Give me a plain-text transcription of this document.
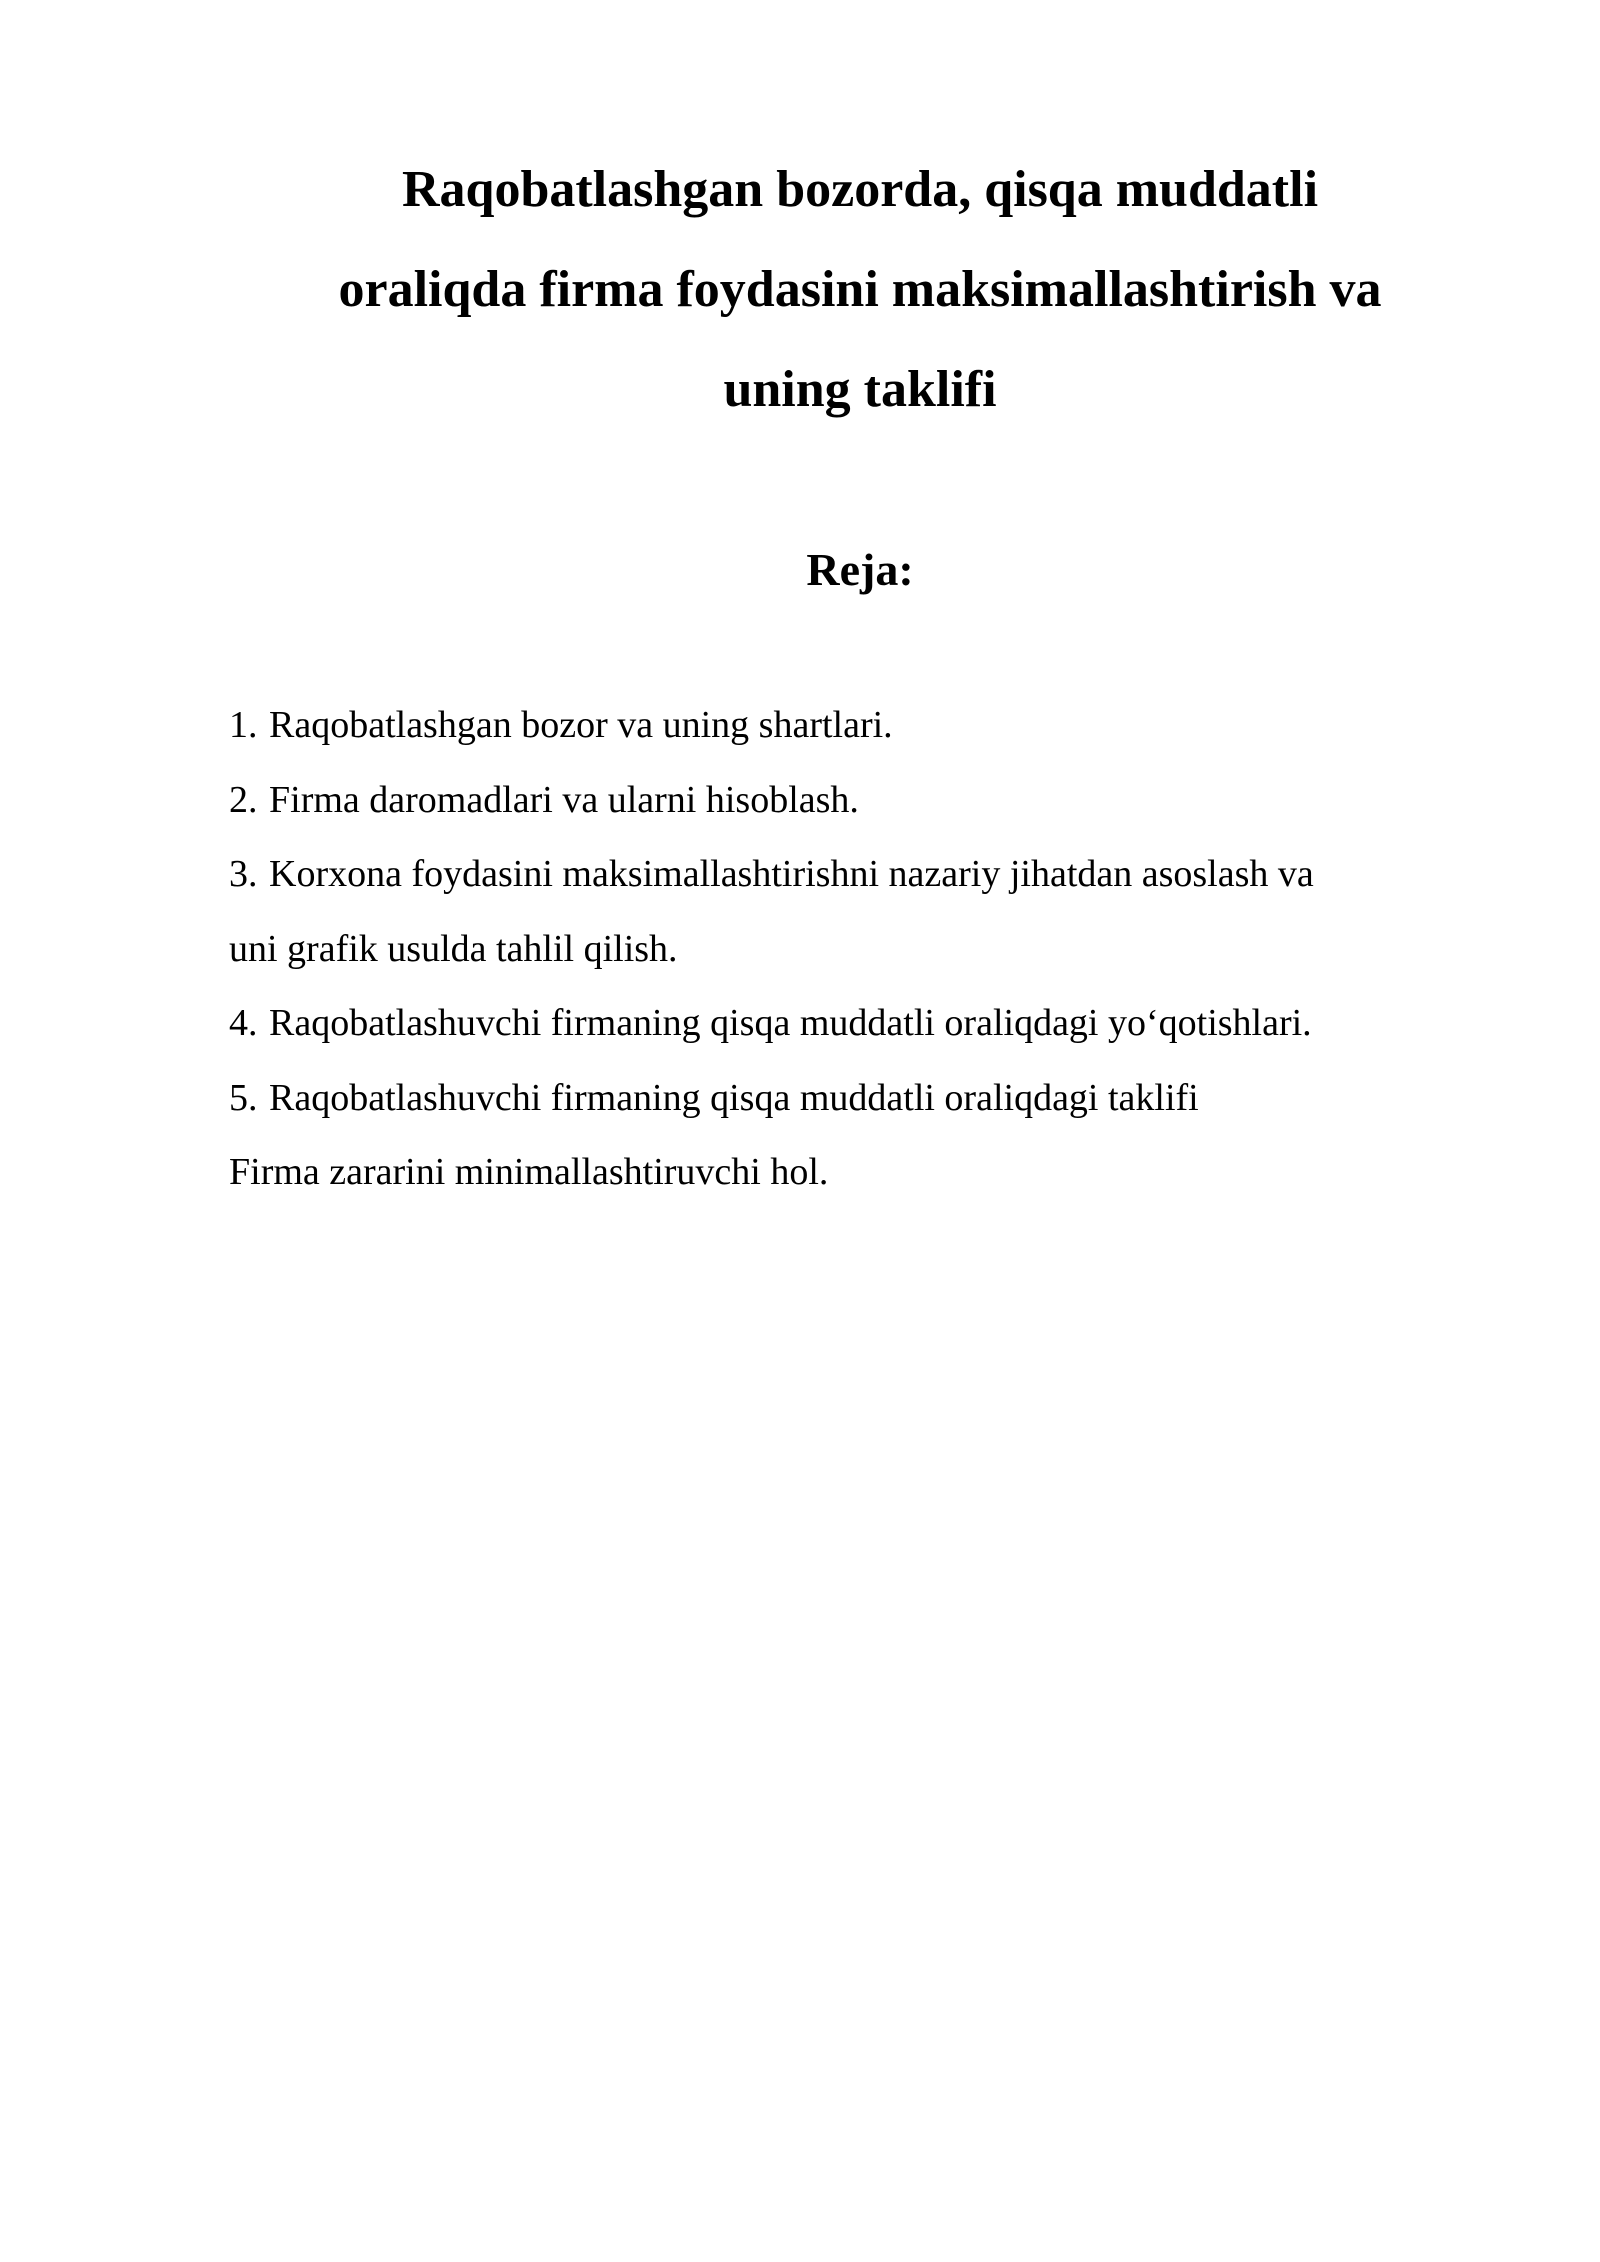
Raqobatlashgan bozorda, qisqa muddatli
oraliqda firma foydasini maksimallashtirish va
uning taklifi
Reja:
1. Raqobatlashgan bozor va uning shartlari.
2. Firma daromadlari va ularni hisoblash.
3. Korxona foydasini maksimallashtirishni nazariy jihatdan asoslash va
uni grafik usulda tahlil qilish.
4. Raqobatlashuvchi firmaning qisqa muddatli oraliqdagi yo‘qotishlari.
5. Raqobatlashuvchi firmaning qisqa muddatli oraliqdagi taklifi
Firma zararini minimallashtiruvchi hol.
